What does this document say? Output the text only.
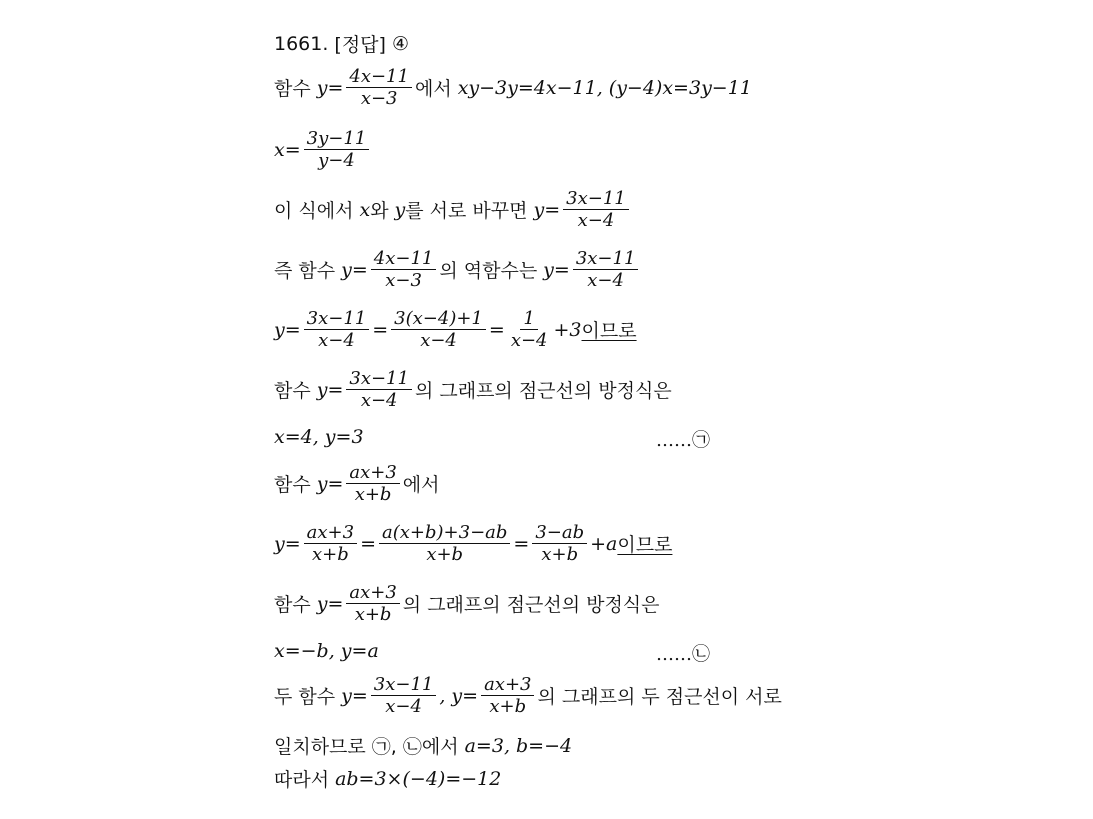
1661. [정답] ④
함수 $y= \frac{4x-11}{x-3}$ 에서 xy−3y=4x−11, (y−4)x=3y−11
$x= \frac{3y-11}{y-4}$
이 식에서 x 와 y 를 서로 바꾸면 $y= \frac{3x-11}{x-4}$
즉 함수 $y= \frac{4x-11}{x-3}$ 의 역함수는 $y= \frac{3x-11}{x-4}$
$y= \frac{3x-11}{x-4} = \frac{3(x-4)+1}{x-4} = \frac{1}{x-4} +3$ 이므로
함수 $y= \frac{3x-11}{x-4}$ 의 그래프의 점근선의 방정식은
x=4, y=3	……㉠
함수 $y= \frac{ax+3}{x+b}$ 에서
$y= \frac{ax+3}{x+b} = \frac{a(x+b)+3-ab}{x+b} = \frac{3-ab}{x+b} +a$ 이므로
함수 $y= \frac{ax+3}{x+b}$ 의 그래프의 점근선의 방정식은
x=−b, y=a	……㉡
두 함수 $y= \frac{3x-11}{x-4}$ , $y= \frac{ax+3}{x+b}$ 의 그래프의 두 점근선이 서로
일치하므로 ㉠, ㉡에서 a=3, b=−4
따라서 ab=3×(−4)=−12
